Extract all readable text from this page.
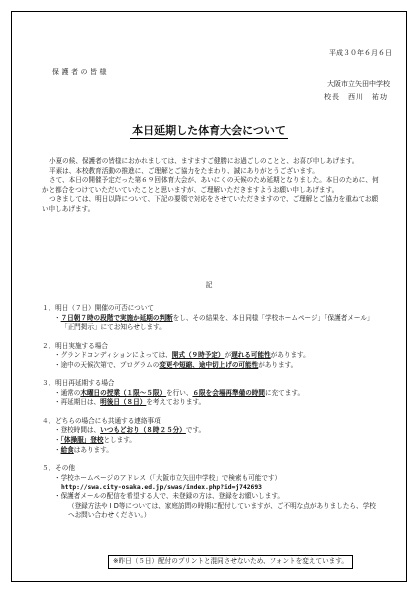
平成３０年６月６日

保護者の皆様

大阪市立矢田中学校

校長　西川　祐功

本日延期した体育大会について

小夏の候、保護者の皆様におかれましては、ますますご健勝にお過ごしのことと、お喜び申しあげます。

平素は、本校教育活動の推進に、ご理解とご協力をたまわり、誠にありがとうございます。

さて、本日の開催予定だった第６９回体育大会が、あいにくの天候のため延期となりました。本日のために、何かと都合をつけていただいていたことと思いますが、ご理解いただきますようお願い申しあげます。

つきましては、明日以降について、下記の要領で対応をさせていただきますので、ご理解とご協力を重ねてお願い申しあげます。

記

１．明日（７日）開催の可否について

・７日朝７時の段階で実施か延期の判断をし、その結果を、本日同様「学校ホームページ」「保護者メール」「正門掲示」にてお知らせします。

２．明日実施する場合

・グランドコンディションによっては、開式（９時予定）が遅れる可能性があります。

・途中の天候次第で、プログラムの変更や短縮、途中切上げの可能性があります。

３．明日再延期する場合

・通常の木曜日の授業（１限～５限）を行い、６限を会場再準備の時間に充てます。

・再延期日は、明後日（８日）を考えております。

４．どちらの場合にも共通する連絡事項

・登校時間は、いつもどおり（８時２５分）です。

・「体操服」登校とします。

・給食はあります。

５．その他

・学校ホームページのアドレス（「大阪市立矢田中学校」で検索も可能です）

http://swa.city-osaka.ed.jp/swas/index.php?id=j742693

・保護者メールの配信を希望する人で、未登録の方は、登録をお願いします。

（登録方法や I D等については、家庭訪問の時期に配付していますが、ご不明な点がありましたら、学校へお問い合わせください。）

※昨日（５日）配付のプリントと混同させないため、フォントを変えています。
